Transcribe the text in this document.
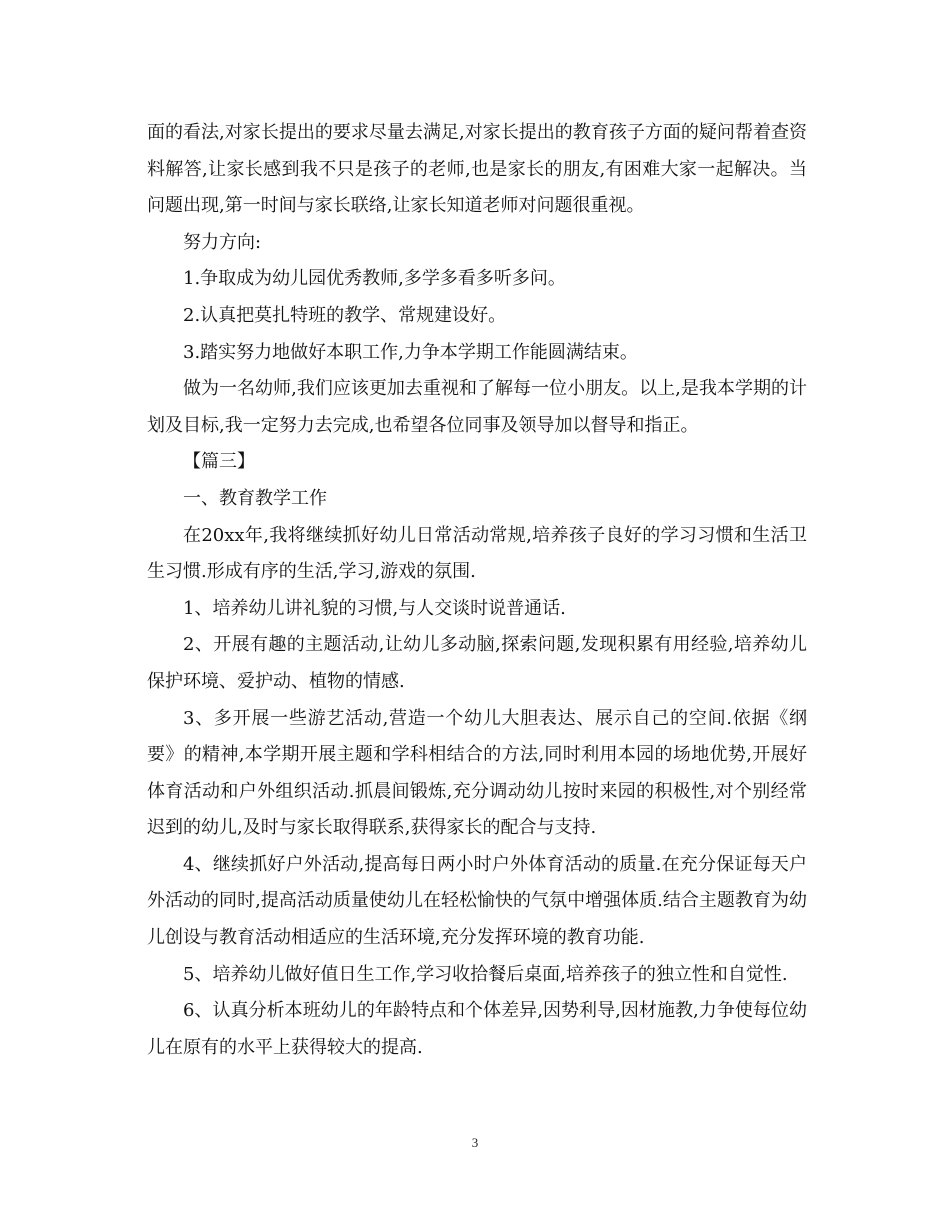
面的看法,对家长提出的要求尽量去满足,对家长提出的教育孩子方面的疑问帮着查资料解答,让家长感到我不只是孩子的老师,也是家长的朋友,有困难大家一起解决。当问题出现,第一时间与家长联络,让家长知道老师对问题很重视。

努力方向:

1.争取成为幼儿园优秀教师,多学多看多听多问。

2.认真把莫扎特班的教学、常规建设好。

3.踏实努力地做好本职工作,力争本学期工作能圆满结束。

做为一名幼师,我们应该更加去重视和了解每一位小朋友。以上,是我本学期的计划及目标,我一定努力去完成,也希望各位同事及领导加以督导和指正。

【篇三】

一、教育教学工作

在20xx年,我将继续抓好幼儿日常活动常规,培养孩子良好的学习习惯和生活卫生习惯.形成有序的生活,学习,游戏的氛围.

1、培养幼儿讲礼貌的习惯,与人交谈时说普通话.

2、开展有趣的主题活动,让幼儿多动脑,探索问题,发现积累有用经验,培养幼儿保护环境、爱护动、植物的情感.

3、多开展一些游艺活动,营造一个幼儿大胆表达、展示自己的空间.依据《纲要》的精神,本学期开展主题和学科相结合的方法,同时利用本园的场地优势,开展好体育活动和户外组织活动.抓晨间锻炼,充分调动幼儿按时来园的积极性,对个别经常迟到的幼儿,及时与家长取得联系,获得家长的配合与支持.

4、继续抓好户外活动,提高每日两小时户外体育活动的质量.在充分保证每天户外活动的同时,提高活动质量使幼儿在轻松愉快的气氛中增强体质.结合主题教育为幼儿创设与教育活动相适应的生活环境,充分发挥环境的教育功能.

5、培养幼儿做好值日生工作,学习收拾餐后桌面,培养孩子的独立性和自觉性.

6、认真分析本班幼儿的年龄特点和个体差异,因势利导,因材施教,力争使每位幼儿在原有的水平上获得较大的提高.

3
